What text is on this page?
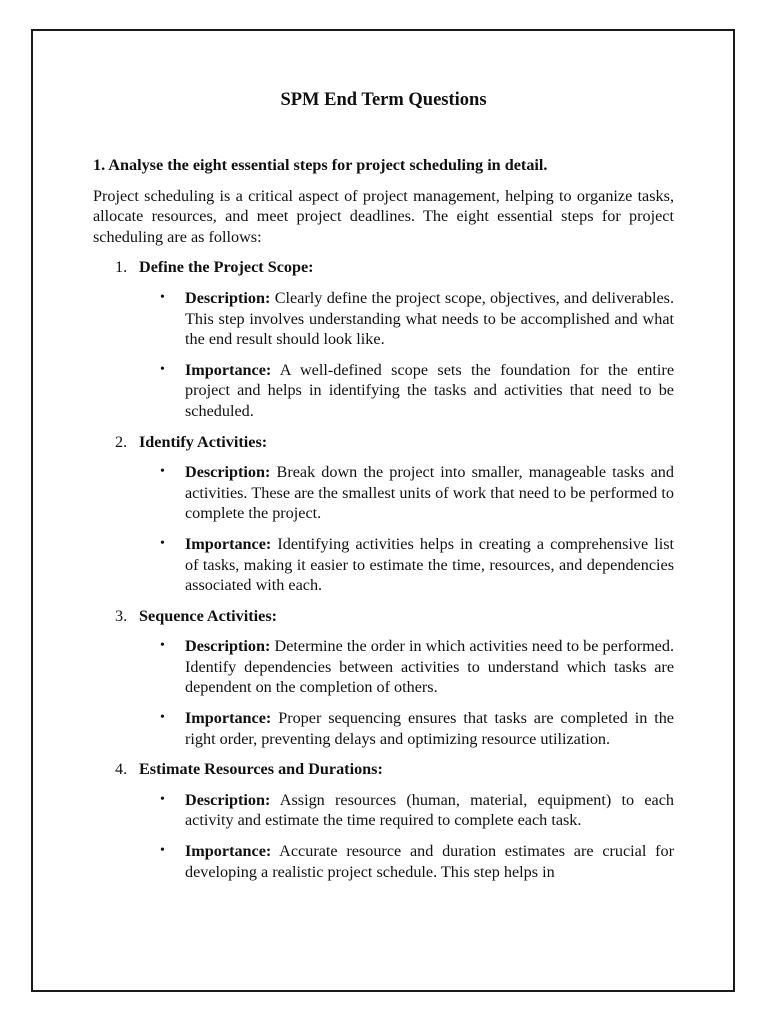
SPM End Term Questions
1. Analyse the eight essential steps for project scheduling in detail.
Project scheduling is a critical aspect of project management, helping to organize tasks, allocate resources, and meet project deadlines. The eight essential steps for project scheduling are as follows:
1. Define the Project Scope:
• Description: Clearly define the project scope, objectives, and deliverables. This step involves understanding what needs to be accomplished and what the end result should look like.
• Importance: A well-defined scope sets the foundation for the entire project and helps in identifying the tasks and activities that need to be scheduled.
2. Identify Activities:
• Description: Break down the project into smaller, manageable tasks and activities. These are the smallest units of work that need to be performed to complete the project.
• Importance: Identifying activities helps in creating a comprehensive list of tasks, making it easier to estimate the time, resources, and dependencies associated with each.
3. Sequence Activities:
• Description: Determine the order in which activities need to be performed. Identify dependencies between activities to understand which tasks are dependent on the completion of others.
• Importance: Proper sequencing ensures that tasks are completed in the right order, preventing delays and optimizing resource utilization.
4. Estimate Resources and Durations:
• Description: Assign resources (human, material, equipment) to each activity and estimate the time required to complete each task.
• Importance: Accurate resource and duration estimates are crucial for developing a realistic project schedule. This step helps in
